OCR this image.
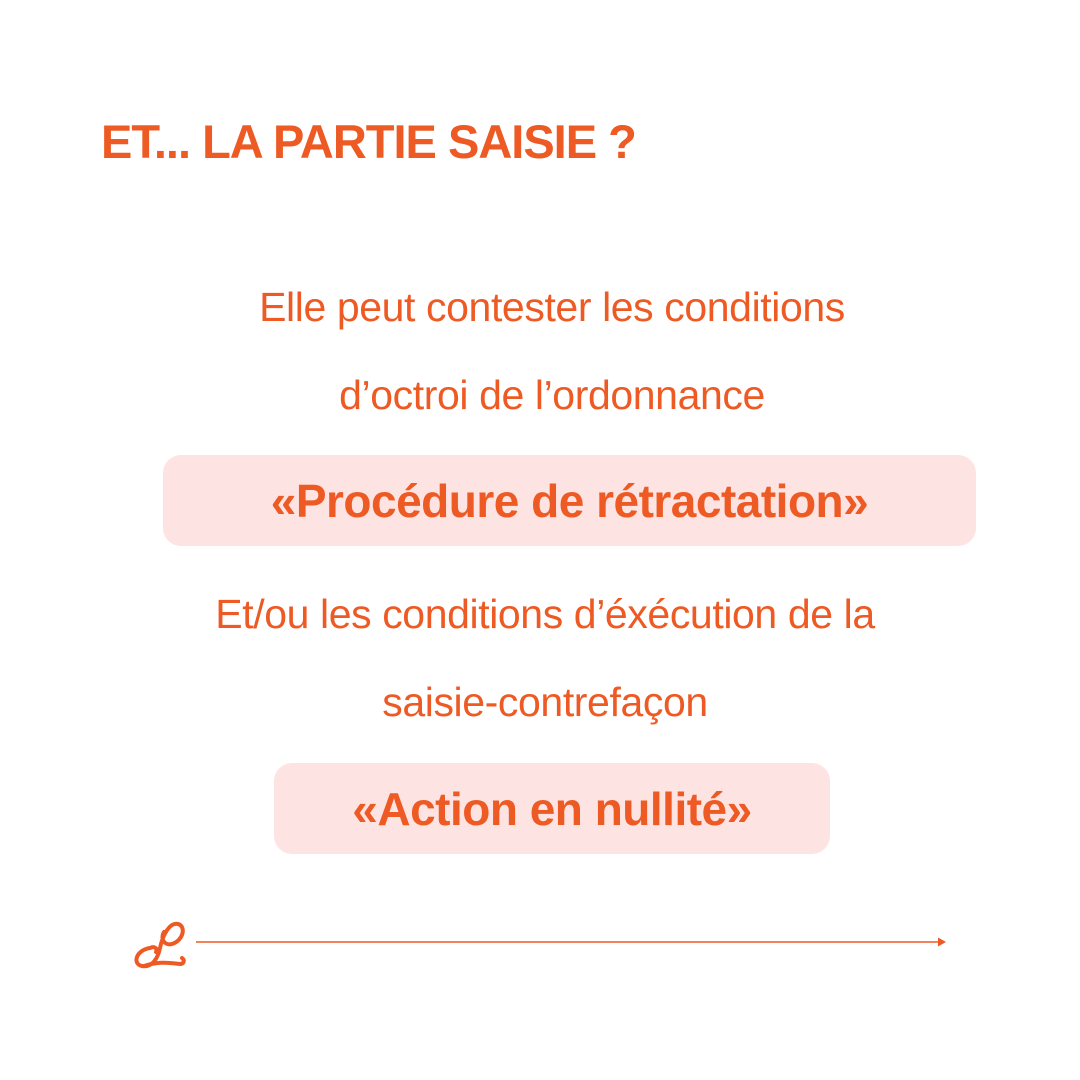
ET... LA PARTIE SAISIE ?

Elle peut contester les conditions

d’octroi de l’ordonnance

«Procédure de rétractation»

Et/ou les conditions d’éxécution de la

saisie-contrefaçon

«Action en nullité»
